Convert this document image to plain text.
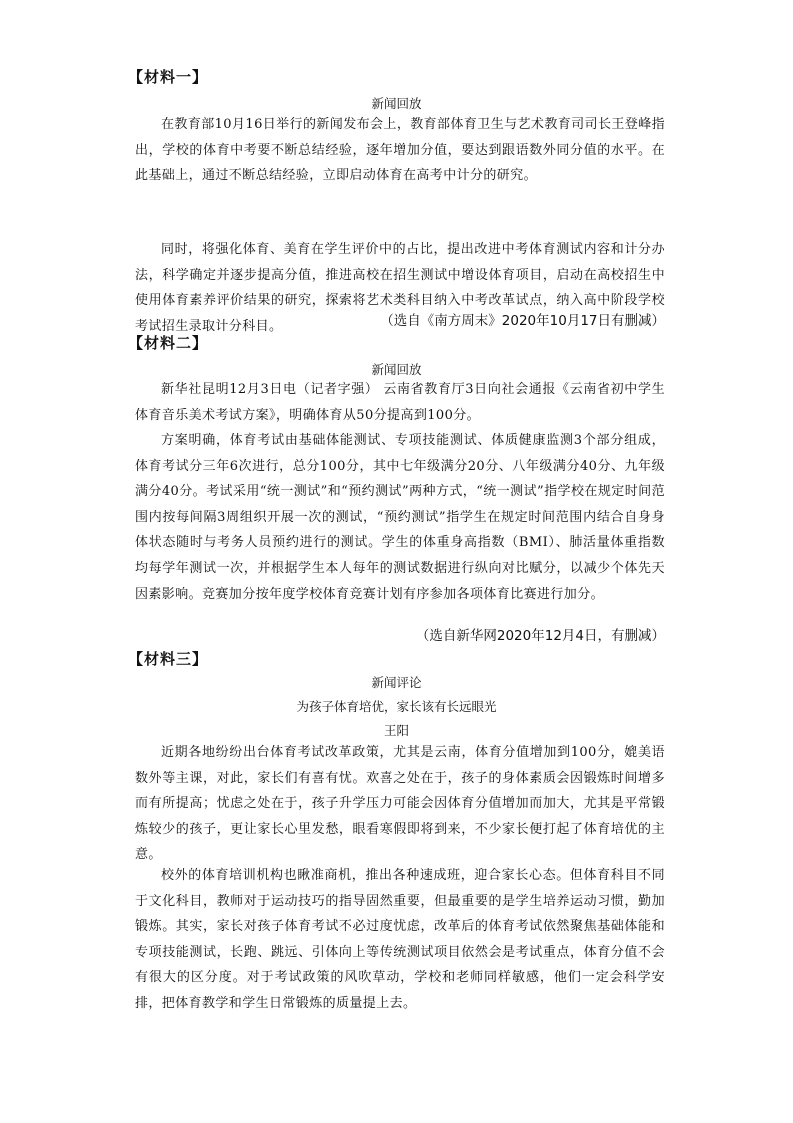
【材料一】
新闻回放

在教育部10月16日举行的新闻发布会上，教育部体育卫生与艺术教育司司长王登峰指出，学校的体育中考要不断总结经验，逐年增加分值，要达到跟语数外同分值的水平。在此基础上，通过不断总结经验，立即启动体育在高考中计分的研究。

同时，将强化体育、美育在学生评价中的占比，提出改进中考体育测试内容和计分办法，科学确定并逐步提高分值，推进高校在招生测试中增设体育项目，启动在高校招生中使用体育素养评价结果的研究，探索将艺术类科目纳入中考改革试点，纳入高中阶段学校考试招生录取计分科目。	（选自《南方周末》2020年10月17日有删减）
【材料二】
新闻回放

新华社昆明12月3日电（记者字强） 云南省教育厅3日向社会通报《云南省初中学生体育音乐美术考试方案》，明确体育从50分提高到100分。

方案明确，体育考试由基础体能测试、专项技能测试、体质健康监测3个部分组成，体育考试分三年6次进行，总分100分，其中七年级满分20分、八年级满分40分、九年级满分40分。考试采用“统一测试”和“预约测试”两种方式，“统一测试”指学校在规定时间范围内按每间隔3周组织开展一次的测试，“预约测试”指学生在规定时间范围内结合自身身体状态随时与考务人员预约进行的测试。学生的体重身高指数（BMI）、肺活量体重指数均每学年测试一次，并根据学生本人每年的测试数据进行纵向对比赋分，以减少个体先天因素影响。竞赛加分按年度学校体育竞赛计划有序参加各项体育比赛进行加分。

（选自新华网2020年12月4日，有删减）
【材料三】
新闻评论
为孩子体育培优，家长该有长远眼光
王阳

近期各地纷纷出台体育考试改革政策，尤其是云南，体育分值增加到100分，媲美语数外等主课，对此，家长们有喜有忧。欢喜之处在于，孩子的身体素质会因锻炼时间增多而有所提高；忧虑之处在于，孩子升学压力可能会因体育分值增加而加大，尤其是平常锻炼较少的孩子，更让家长心里发愁，眼看寒假即将到来，不少家长便打起了体育培优的主意。

校外的体育培训机构也瞅准商机，推出各种速成班，迎合家长心态。但体育科目不同于文化科目，教师对于运动技巧的指导固然重要，但最重要的是学生培养运动习惯，勤加锻炼。其实，家长对孩子体育考试不必过度忧虑，改革后的体育考试依然聚焦基础体能和专项技能测试，长跑、跳远、引体向上等传统测试项目依然会是考试重点，体育分值不会有很大的区分度。对于考试政策的风吹草动，学校和老师同样敏感，他们一定会科学安排，把体育教学和学生日常锻炼的质量提上去。
